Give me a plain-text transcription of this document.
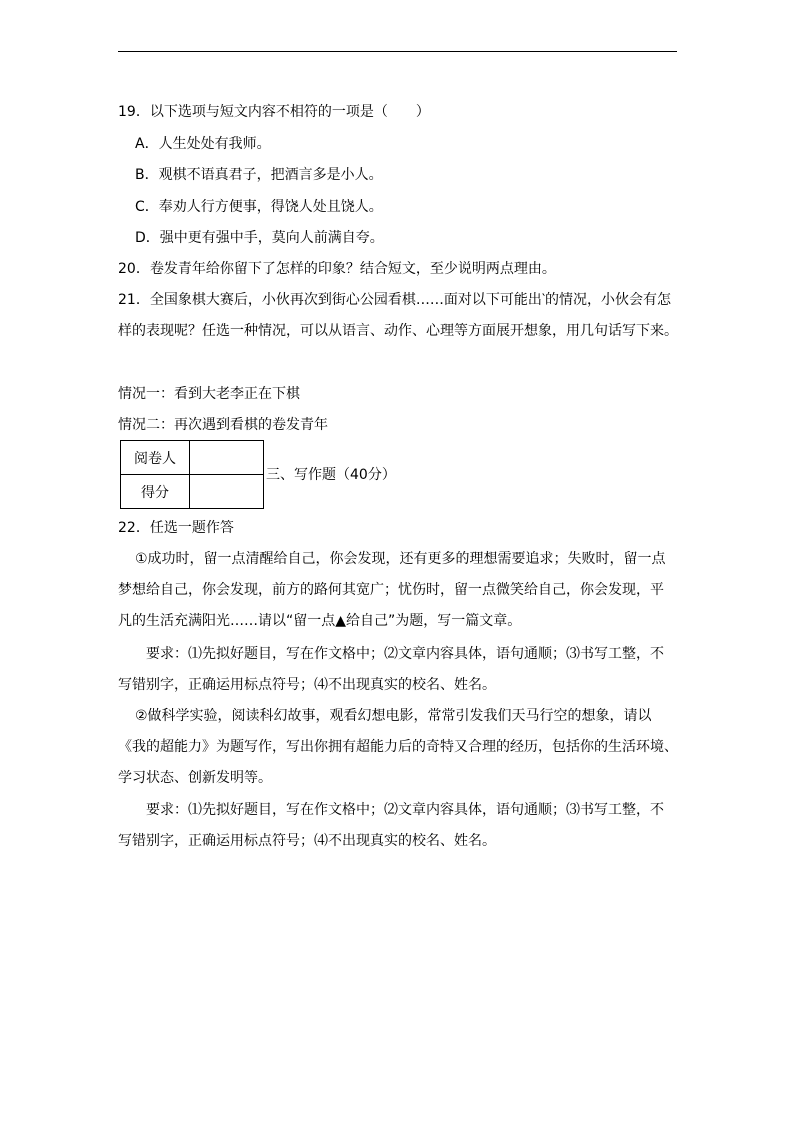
19．以下选项与短文内容不相符的一项是（　　）
A．人生处处有我师。
B．观棋不语真君子，把酒言多是小人。
C．奉劝人行方便事，得饶人处且饶人。
D．强中更有强中手，莫向人前满自夸。
20．卷发青年给你留下了怎样的印象？结合短文，至少说明两点理由。
21．全国象棋大赛后，小伙再次到街心公园看棋……面对以下可能出‵的情况，小伙会有怎
样的表现呢？任选一种情况，可以从语言、动作、心理等方面展开想象，用几句话写下来。
情况一：看到大老李正在下棋
情况二：再次遇到看棋的卷发青年
阅卷人	
得分	
三、写作题（40分）
22．任选一题作答
①成功时，留一点清醒给自己，你会发现，还有更多的理想需要追求；失败时，留一点
梦想给自己，你会发现，前方的路何其宽广；忧伤时，留一点微笑给自己，你会发现，平
凡的生活充满阳光……请以“留一点▲给自己”为题，写一篇文章。
要求：⑴先拟好题目，写在作文格中；⑵文章内容具体，语句通顺；⑶书写工整，不
写错别字，正确运用标点符号；⑷不出现真实的校名、姓名。
②做科学实验，阅读科幻故事，观看幻想电影，常常引发我们天马行空的想象，请以
《我的超能力》为题写作，写出你拥有超能力后的奇特又合理的经历，包括你的生活环境、
学习状态、创新发明等。
要求：⑴先拟好题目，写在作文格中；⑵文章内容具体，语句通顺；⑶书写工整，不
写错别字，正确运用标点符号；⑷不出现真实的校名、姓名。
